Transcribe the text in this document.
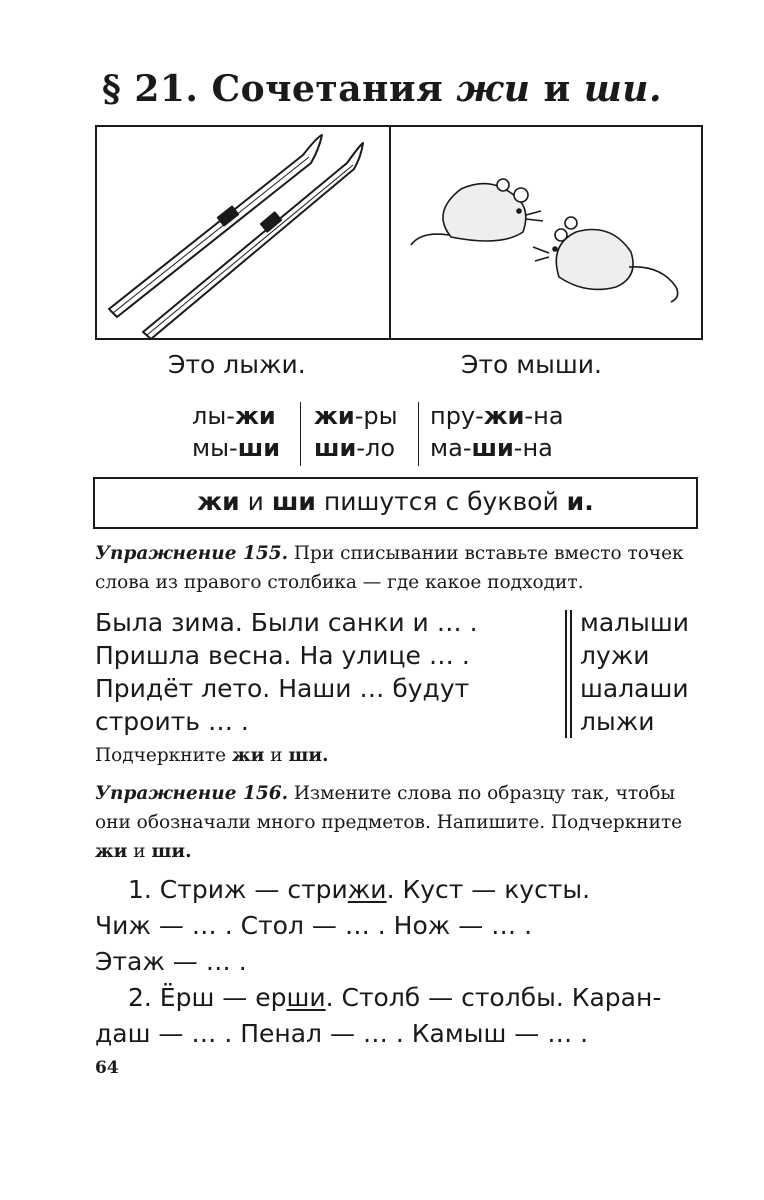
§ 21. Сочетания жи и ши.
Это лыжи.	Это мыши.
лы-жи
мы-ши
жи-ры
ши-ло
пру-жи-на
ма-ши-на
жи и ши пишутся с буквой и.
Упражнение 155. При списывании вставьте вместо точек слова из правого столбика — где какое подходит.
Была зима. Были санки и … .
Пришла весна. На улице … .
Придёт лето. Наши … будут
строить … .
малыши
лужи
шалаши
лыжи
Подчеркните жи и ши.
Упражнение 156. Измените слова по образцу так, чтобы они обозначали много предметов. Напишите. Подчеркните жи и ши.
1. Стриж — стрижи. Куст — кусты.
Чиж — … . Стол — … . Нож — … .
Этаж — … .
2. Ёрш — ерши. Столб — столбы. Каран-
даш — … . Пенал — … . Камыш — … .
64
